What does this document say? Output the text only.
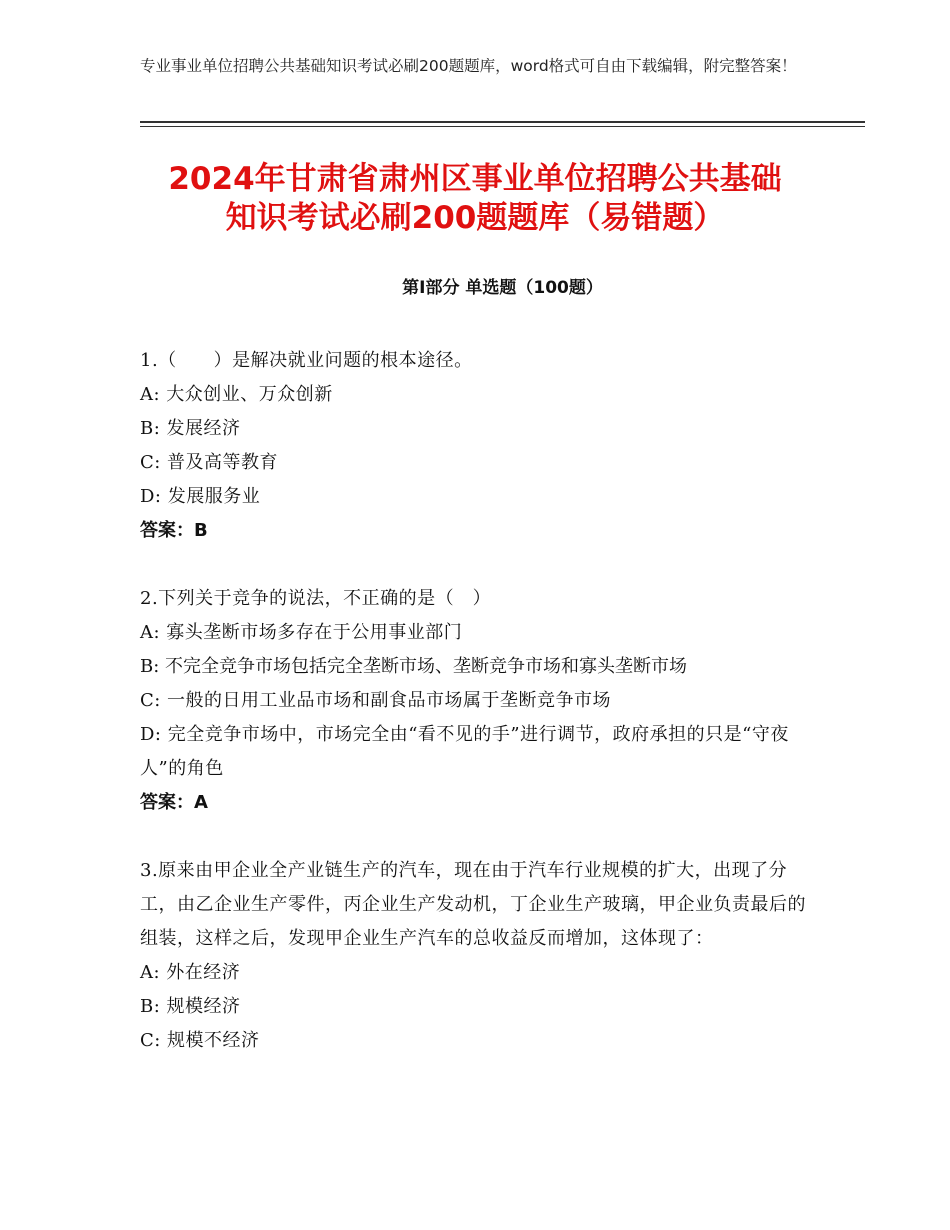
专业事业单位招聘公共基础知识考试必刷200题题库，word格式可自由下载编辑，附完整答案！
2024年甘肃省肃州区事业单位招聘公共基础
知识考试必刷200题题库（易错题）
第Ⅰ部分 单选题（100题）
1.（　　）是解决就业问题的根本途径。
A: 大众创业、万众创新
B: 发展经济
C: 普及高等教育
D: 发展服务业
答案：B
2.下列关于竞争的说法，不正确的是（　）
A: 寡头垄断市场多存在于公用事业部门
B: 不完全竞争市场包括完全垄断市场、垄断竞争市场和寡头垄断市场
C: 一般的日用工业品市场和副食品市场属于垄断竞争市场
D: 完全竞争市场中，市场完全由“看不见的手”进行调节，政府承担的只是“守夜人”的角色
答案：A
3.原来由甲企业全产业链生产的汽车，现在由于汽车行业规模的扩大，出现了分工，由乙企业生产零件，丙企业生产发动机，丁企业生产玻璃，甲企业负责最后的组装，这样之后，发现甲企业生产汽车的总收益反而增加，这体现了：
A: 外在经济
B: 规模经济
C: 规模不经济
